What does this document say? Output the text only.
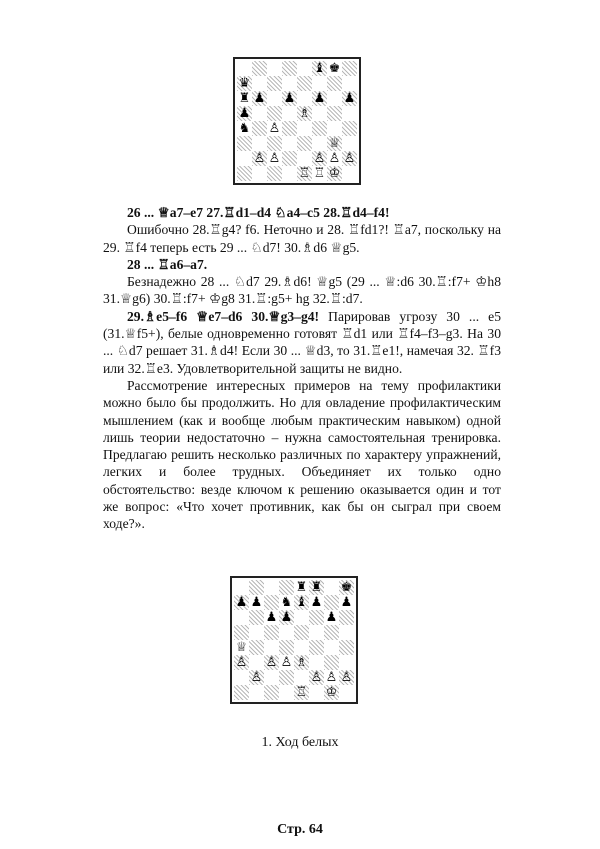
♝ ♚
♛
♜	♟ ♟ ♟
♟
♟	♗
♞ ♙
♕
♙ ♙	♙ ♙
♙
♖ ♖ ♔

26 ... ♕a7–e7 27.♖d1–d4 ♘a4–c5 28.♖d4–f4!

Ошибочно 28.♖g4? f6. Неточно и 28. ♖fd1?! ♖a7, поскольку на 29. ♖f4 теперь есть 29 ... ♘d7! 30.♗d6 ♕g5.

28 ... ♖a6–a7.

Безнадежно 28 ... ♘d7 29.♗d6! ♕g5 (29 ... ♕:d6 30.♖:f7+ ♔h8 31.♕g6) 30.♖:f7+ ♔g8 31.♖:g5+ hg 32.♖:d7.

29.♗e5–f6 ♕e7–d6 30.♕g3–g4! Парировав угрозу 30 ... e5 (31.♕f5+), белые одновременно готовят ♖d1 или ♖f4–f3–g3. На 30 ... ♘d7 решает 31.♗d4! Если 30 ... ♕d3, то 31.♖e1!, намечая 32. ♖f3 или 32.♖e3. Удовлетворительной защиты не видно.

Рассмотрение интересных примеров на тему профилактики можно было бы продолжить. Но для овладение профилактическим мышлением (как и вообще любым практическим навыком) одной лишь теории недостаточно – нужна самостоятельная тренировка. Предлагаю решить несколько различных по характеру упражнений, легких и более трудных. Объединяет их только одно обстоятельство: везде ключом к решению оказывается один и тот же вопрос: «Что хочет противник, как бы он сыграл при своем ходе?».

♜ ♜ ♚
♟ ♟ ♞ ♝ ♟ ♟
♟ ♟	♟
♕
♙ ♙ ♙ ♗
♙	♙ ♙ ♙
♖ ♔
1. Ход белых
Стр. 64
